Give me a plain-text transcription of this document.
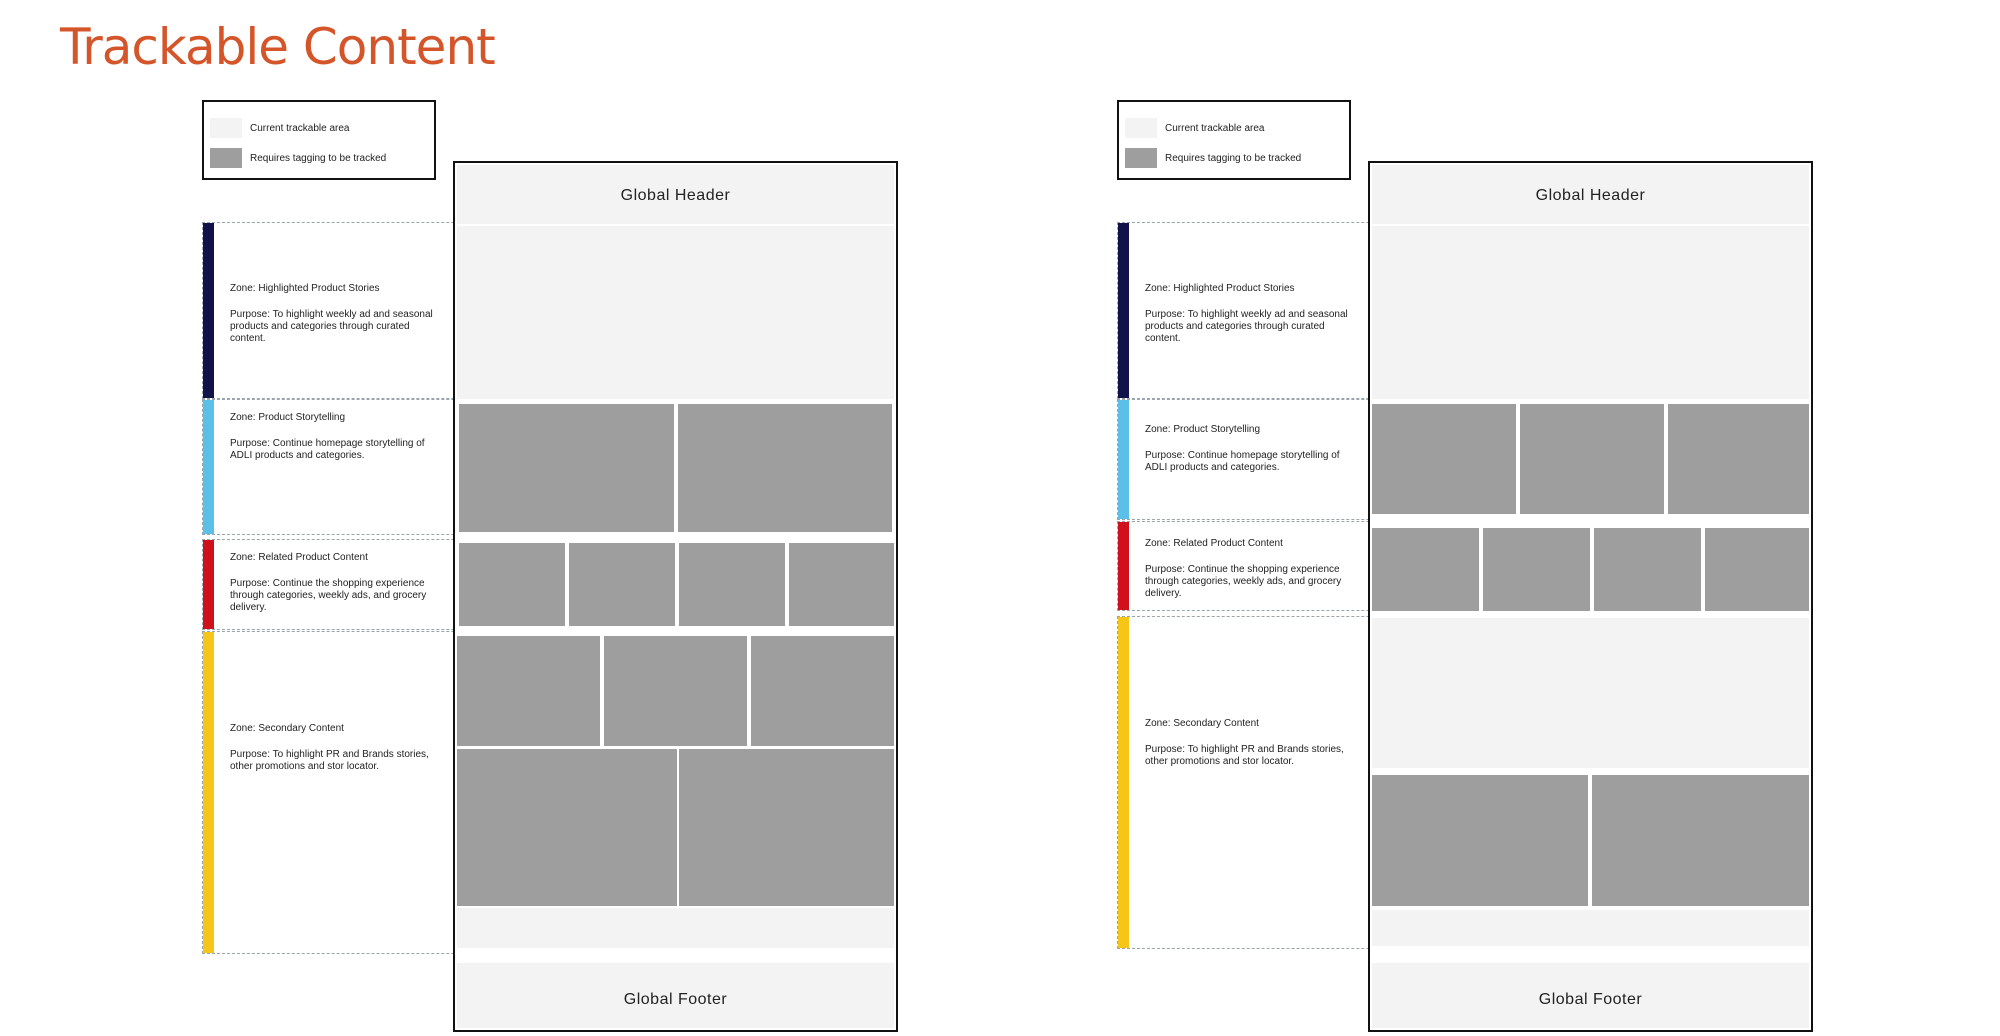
Trackable Content
Current trackable area
Requires tagging to be tracked
Zone: Highlighted Product Stories
Purpose: To highlight weekly ad and seasonal products and categories through curated content.
Zone: Product Storytelling
Purpose: Continue homepage storytelling of ADLI products and categories.
Zone: Related Product Content
Purpose: Continue the shopping experience through categories, weekly ads, and grocery delivery.
Zone: Secondary Content
Purpose: To highlight PR and Brands stories, other promotions and stor locator.
Global Header
Global Footer
Current trackable area
Requires tagging to be tracked
Zone: Highlighted Product Stories
Purpose: To highlight weekly ad and seasonal products and categories through curated content.
Zone: Product Storytelling
Purpose: Continue homepage storytelling of ADLI products and categories.
Zone: Related Product Content
Purpose: Continue the shopping experience through categories, weekly ads, and grocery delivery.
Zone: Secondary Content
Purpose: To highlight PR and Brands stories, other promotions and stor locator.
Global Header
Global Footer
